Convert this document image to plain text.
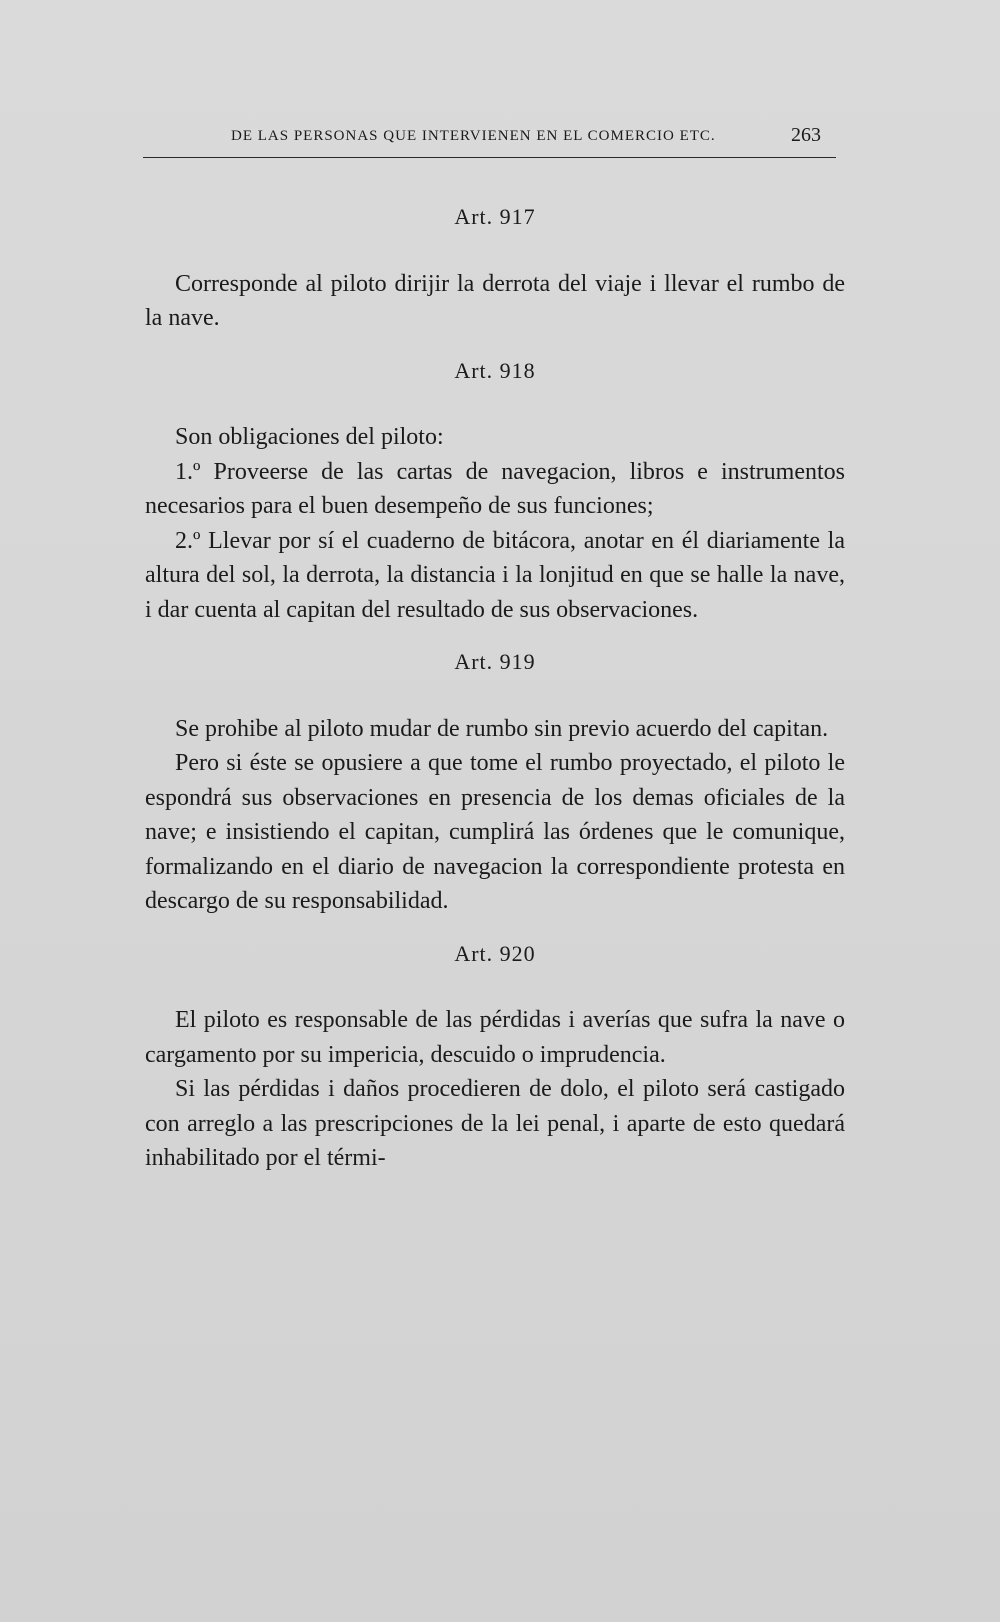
DE LAS PERSONAS QUE INTERVIENEN EN EL COMERCIO ETC.	263
Art. 917

Corresponde al piloto dirijir la derrota del viaje i llevar el rumbo de la nave.

Art. 918

Son obligaciones del piloto:

1.º Proveerse de las cartas de navegacion, libros e instrumentos necesarios para el buen desempeño de sus funciones;

2.º Llevar por sí el cuaderno de bitácora, anotar en él diariamente la altura del sol, la derrota, la distancia i la lonjitud en que se halle la nave, i dar cuenta al capitan del resultado de sus observaciones.

Art. 919

Se prohibe al piloto mudar de rumbo sin previo acuerdo del capitan.

Pero si éste se opusiere a que tome el rumbo proyectado, el piloto le espondrá sus observaciones en presencia de los demas oficiales de la nave; e insistiendo el capitan, cumplirá las órdenes que le comunique, formalizando en el diario de navegacion la correspondiente protesta en descargo de su responsabilidad.

Art. 920

El piloto es responsable de las pérdidas i averías que sufra la nave o cargamento por su impericia, descuido o imprudencia.

Si las pérdidas i daños procedieren de dolo, el piloto será castigado con arreglo a las prescripciones de la lei penal, i aparte de esto quedará inhabilitado por el térmi-
